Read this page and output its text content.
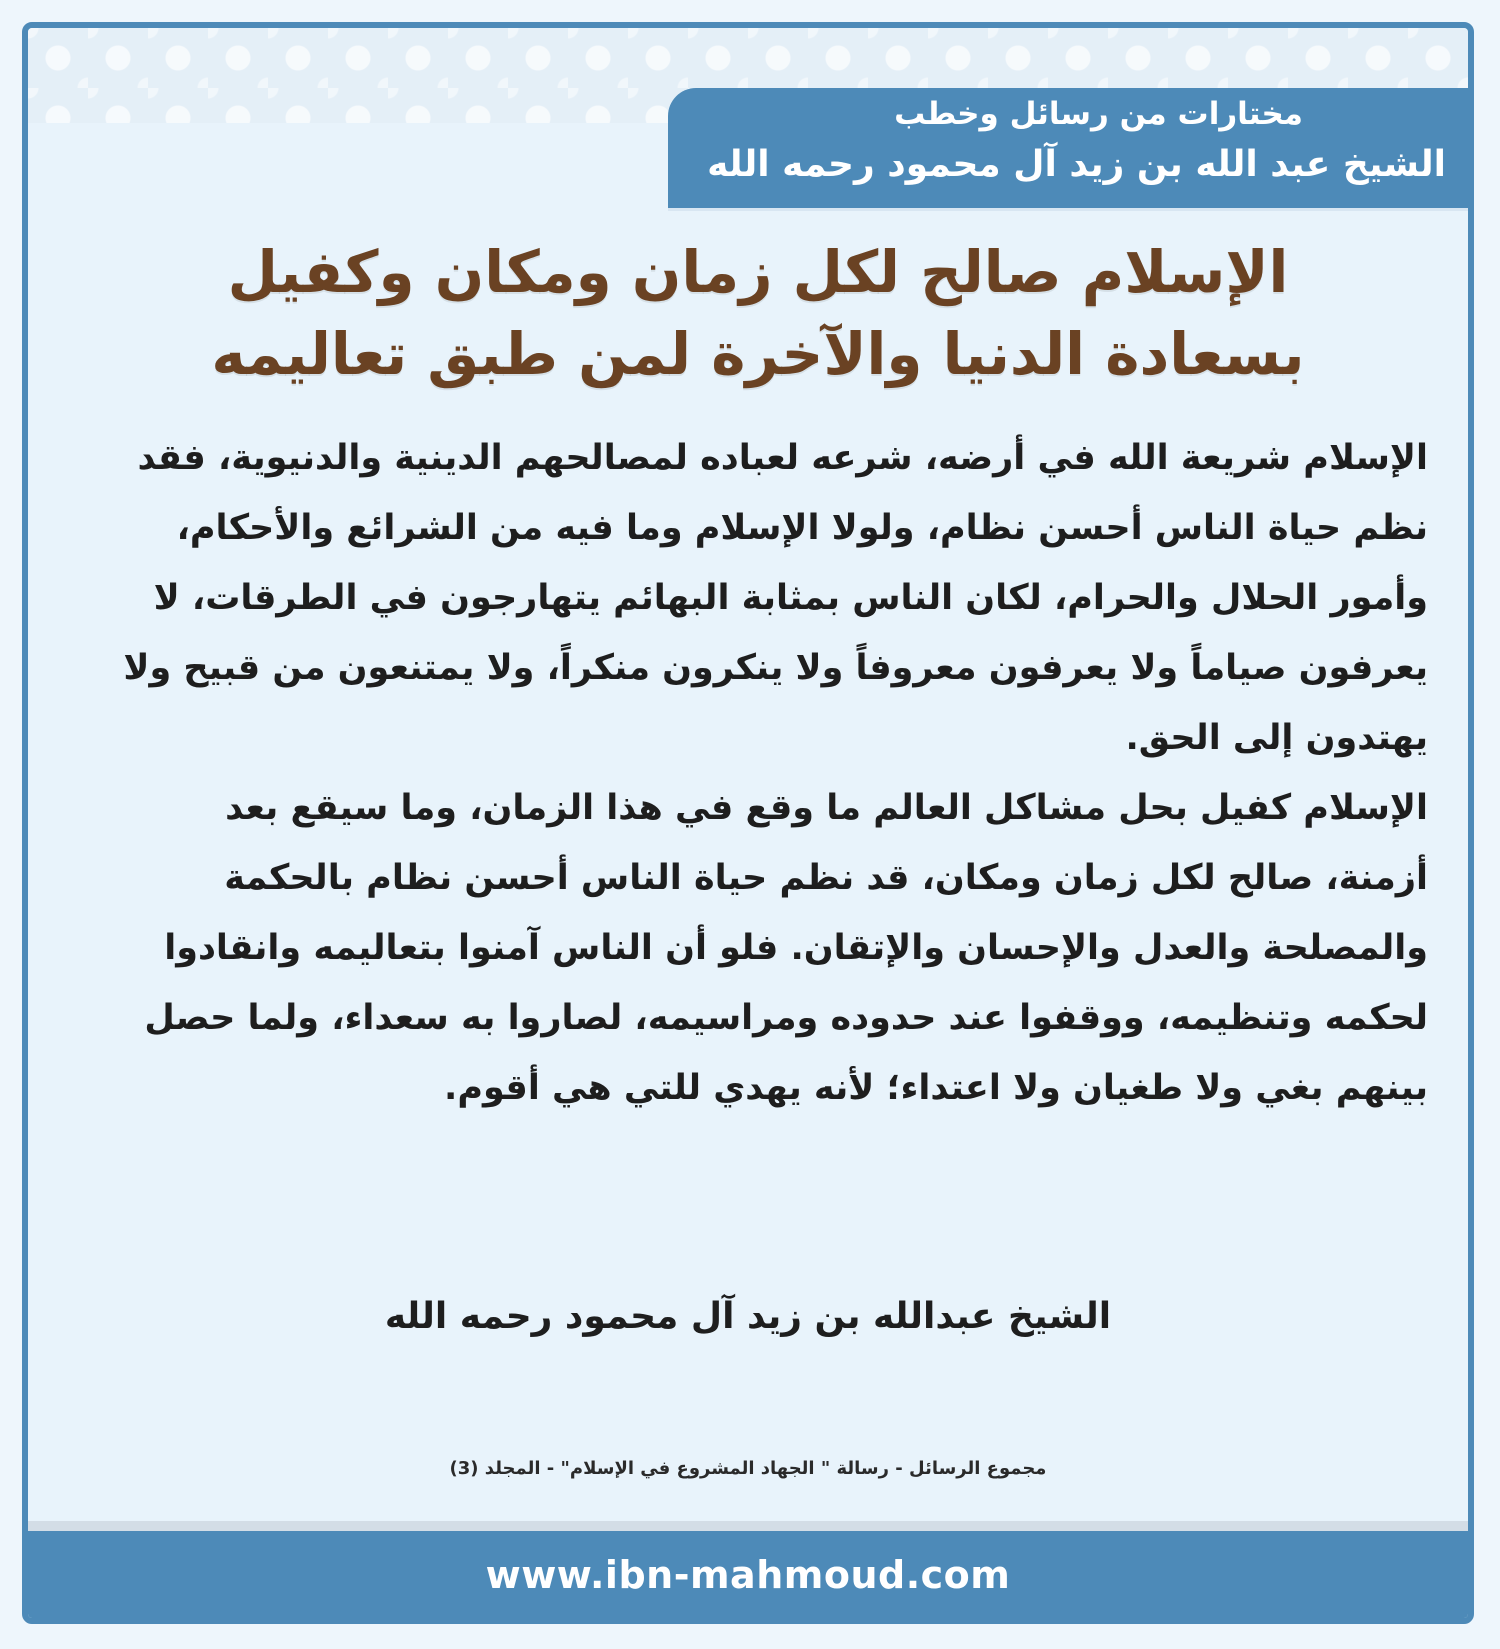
مختارات من رسائل وخطب
الشيخ عبد الله بن زيد آل محمود رحمه الله
الإسلام صالح لكل زمان ومكان وكفيل
بسعادة الدنيا والآخرة لمن طبق تعاليمه

الإسلام شريعة الله في أرضه، شرعه لعباده لمصالحهم الدينية والدنيوية، فقد نظم حياة الناس أحسن نظام، ولولا الإسلام وما فيه من الشرائع والأحكام، وأمور الحلال والحرام، لكان الناس بمثابة البهائم يتهارجون في الطرقات، لا يعرفون صياماً ولا يعرفون معروفاً ولا ينكرون منكراً، ولا يمتنعون من قبيح ولا يهتدون إلى الحق.

الإسلام كفيل بحل مشاكل العالم ما وقع في هذا الزمان، وما سيقع بعد أزمنة، صالح لكل زمان ومكان، قد نظم حياة الناس أحسن نظام بالحكمة والمصلحة والعدل والإحسان والإتقان. فلو أن الناس آمنوا بتعاليمه وانقادوا لحكمه وتنظيمه، ووقفوا عند حدوده ومراسيمه، لصاروا به سعداء، ولما حصل بينهم بغي ولا طغيان ولا اعتداء؛ لأنه يهدي للتي هي أقوم.

الشيخ عبدالله بن زيد آل محمود رحمه الله
مجموع الرسائل - رسالة " الجهاد المشروع في الإسلام" - المجلد (3)
www.ibn-mahmoud.com
